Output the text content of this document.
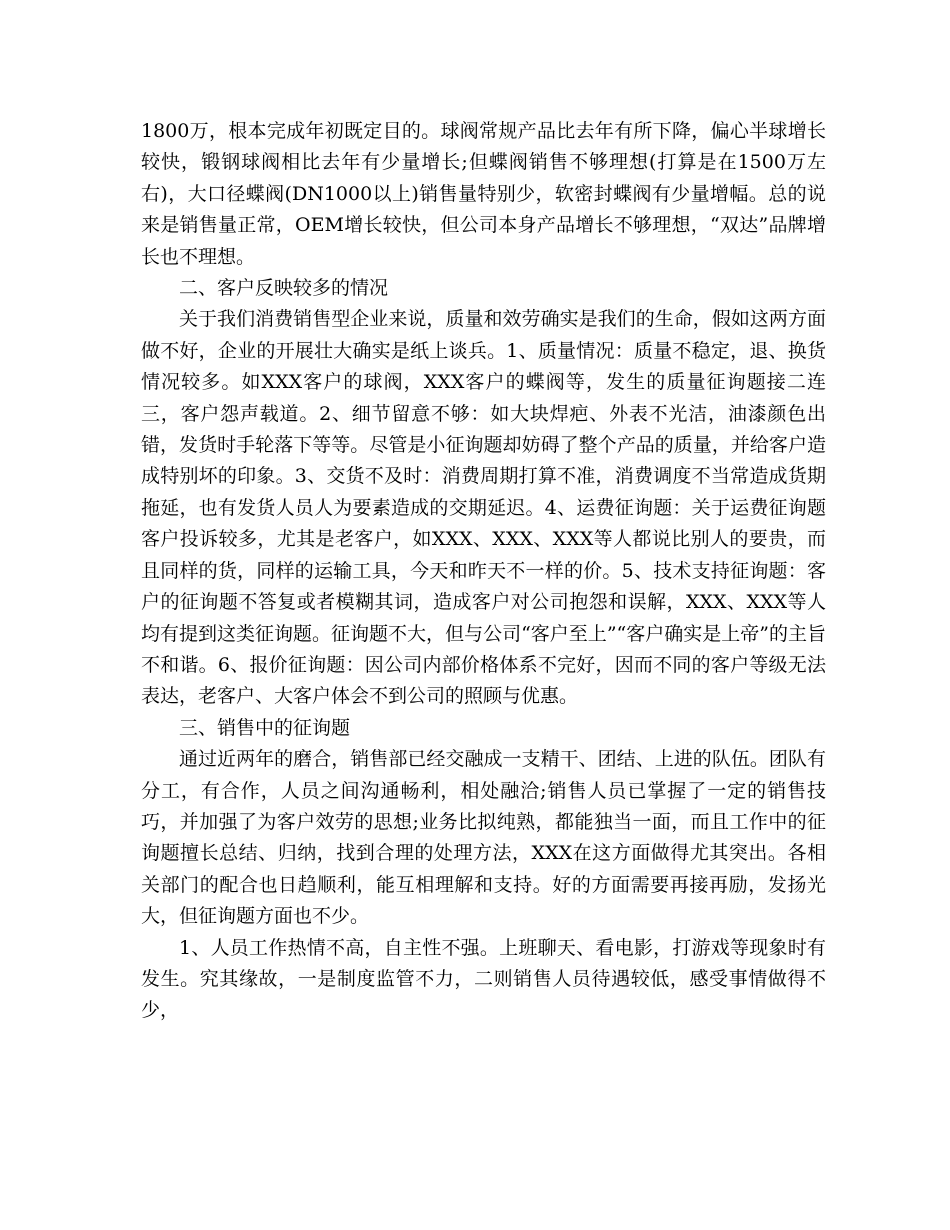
1800万，根本完成年初既定目的。球阀常规产品比去年有所下降，偏心半球增长较快，锻钢球阀相比去年有少量增长;但蝶阀销售不够理想(打算是在1500万左右)，大口径蝶阀(DN1000以上)销售量特别少，软密封蝶阀有少量增幅。总的说来是销售量正常，OEM增长较快，但公司本身产品增长不够理想，“双达”品牌增长也不理想。

二、客户反映较多的情况

关于我们消费销售型企业来说，质量和效劳确实是我们的生命，假如这两方面做不好，企业的开展壮大确实是纸上谈兵。1、质量情况：质量不稳定，退、换货情况较多。如XXX客户的球阀，XXX客户的蝶阀等，发生的质量征询题接二连三，客户怨声载道。2、细节留意不够：如大块焊疤、外表不光洁，油漆颜色出错，发货时手轮落下等等。尽管是小征询题却妨碍了整个产品的质量，并给客户造成特别坏的印象。3、交货不及时：消费周期打算不准，消费调度不当常造成货期拖延，也有发货人员人为要素造成的交期延迟。4、运费征询题：关于运费征询题客户投诉较多，尤其是老客户，如XXX、XXX、XXX等人都说比别人的要贵，而且同样的货，同样的运输工具，今天和昨天不一样的价。5、技术支持征询题：客户的征询题不答复或者模糊其词，造成客户对公司抱怨和误解，XXX、XXX等人均有提到这类征询题。征询题不大，但与公司“客户至上”“客户确实是上帝”的主旨不和谐。6、报价征询题：因公司内部价格体系不完好，因而不同的客户等级无法表达，老客户、大客户体会不到公司的照顾与优惠。

三、销售中的征询题

通过近两年的磨合，销售部已经交融成一支精干、团结、上进的队伍。团队有分工，有合作，人员之间沟通畅利，相处融洽;销售人员已掌握了一定的销售技巧，并加强了为客户效劳的思想;业务比拟纯熟，都能独当一面，而且工作中的征询题擅长总结、归纳，找到合理的处理方法，XXX在这方面做得尤其突出。各相关部门的配合也日趋顺利，能互相理解和支持。好的方面需要再接再励，发扬光大，但征询题方面也不少。

1、人员工作热情不高，自主性不强。上班聊天、看电影，打游戏等现象时有发生。究其缘故，一是制度监管不力，二则销售人员待遇较低，感受事情做得不少，
